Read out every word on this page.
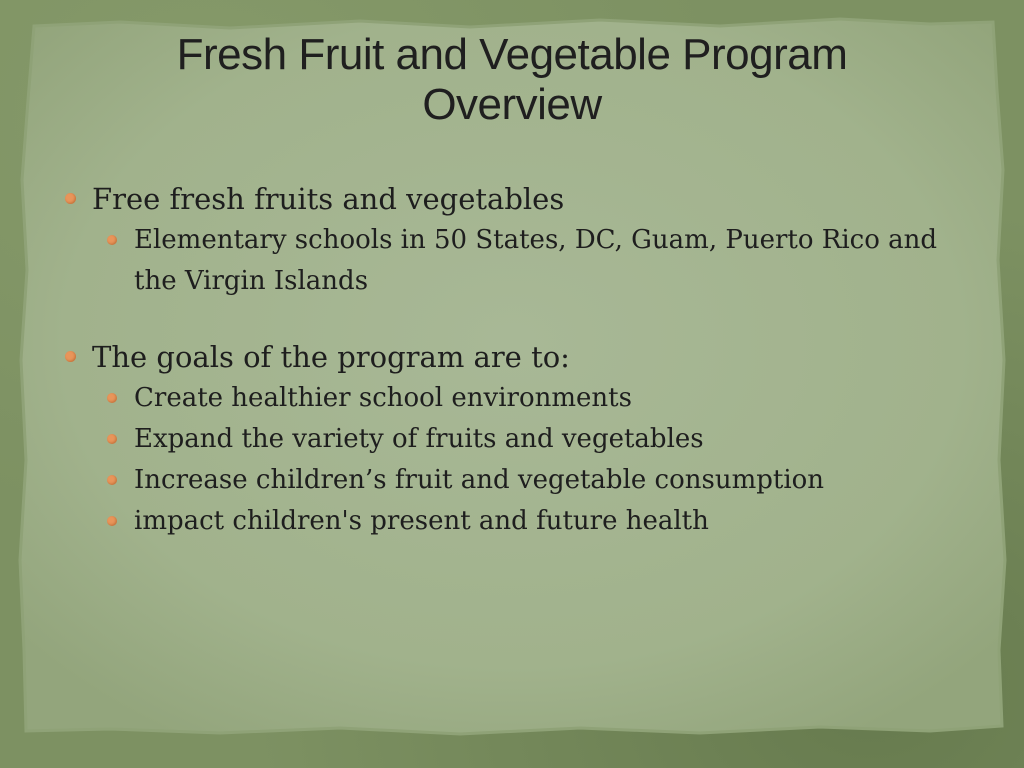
Fresh Fruit and Vegetable Program Overview
Free fresh fruits and vegetables
Elementary schools in 50 States, DC, Guam, Puerto Rico and the Virgin Islands
The goals of the program are to:
Create healthier school environments
Expand the variety of fruits and vegetables
Increase children’s fruit and vegetable consumption
impact children's present and future health
